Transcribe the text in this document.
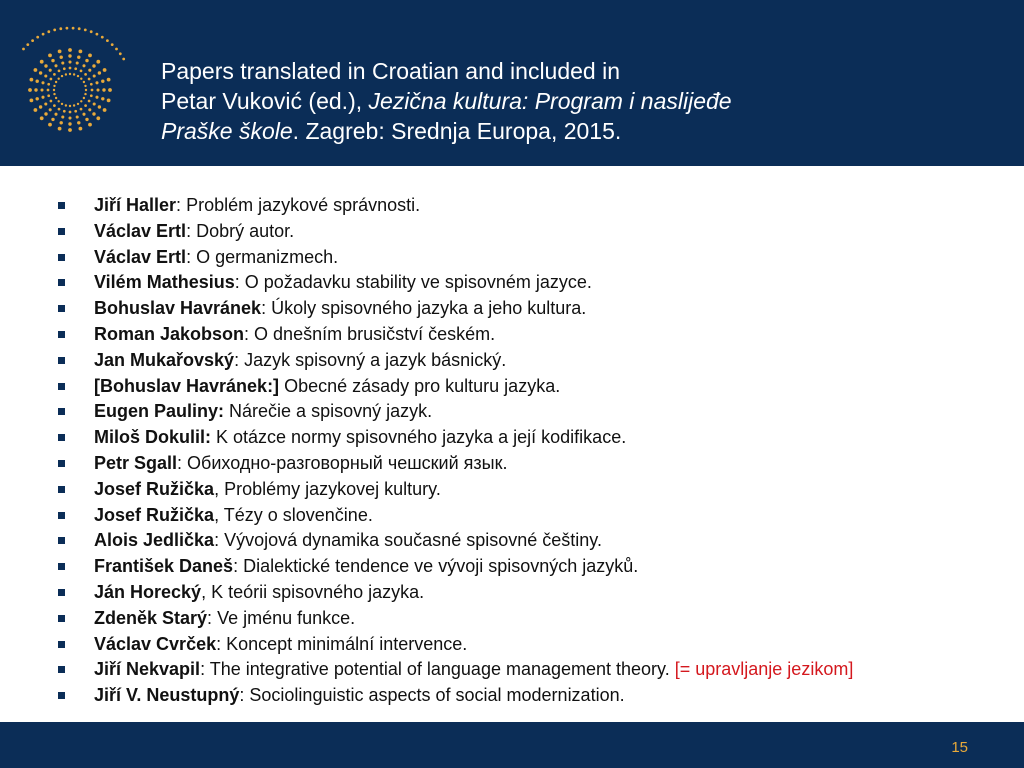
Papers translated in Croatian and included in
Petar Vuković (ed.), Jezična kultura: Program i naslijeđe
Praške škole. Zagreb: Srednja Europa, 2015.
Jiří Haller: Problém jazykové správnosti.
Václav Ertl: Dobrý autor.
Václav Ertl: O germanizmech.
Vilém Mathesius: O požadavku stability ve spisovném jazyce.
Bohuslav Havránek: Úkoly spisovného jazyka a jeho kultura.
Roman Jakobson: O dnešním brusičství českém.
Jan Mukařovský: Jazyk spisovný a jazyk básnický.
[Bohuslav Havránek:] Obecné zásady pro kulturu jazyka.
Eugen Pauliny: Nárečie a spisovný jazyk.
Miloš Dokulil: K otázce normy spisovného jazyka a její kodifikace.
Petr Sgall: Обиходно-разговорный чешский язык.
Josef Ružička, Problémy jazykovej kultury.
Josef Ružička, Tézy o slovenčine.
Alois Jedlička: Vývojová dynamika současné spisovné češtiny.
František Daneš: Dialektické tendence ve vývoji spisovných jazyků.
Ján Horecký, K teórii spisovného jazyka.
Zdeněk Starý: Ve jménu funkce.
Václav Cvrček: Koncept minimální intervence.
Jiří Nekvapil: The integrative potential of language management theory. [= upravljanje jezikom]
Jiří V. Neustupný: Sociolinguistic aspects of social modernization.
15
